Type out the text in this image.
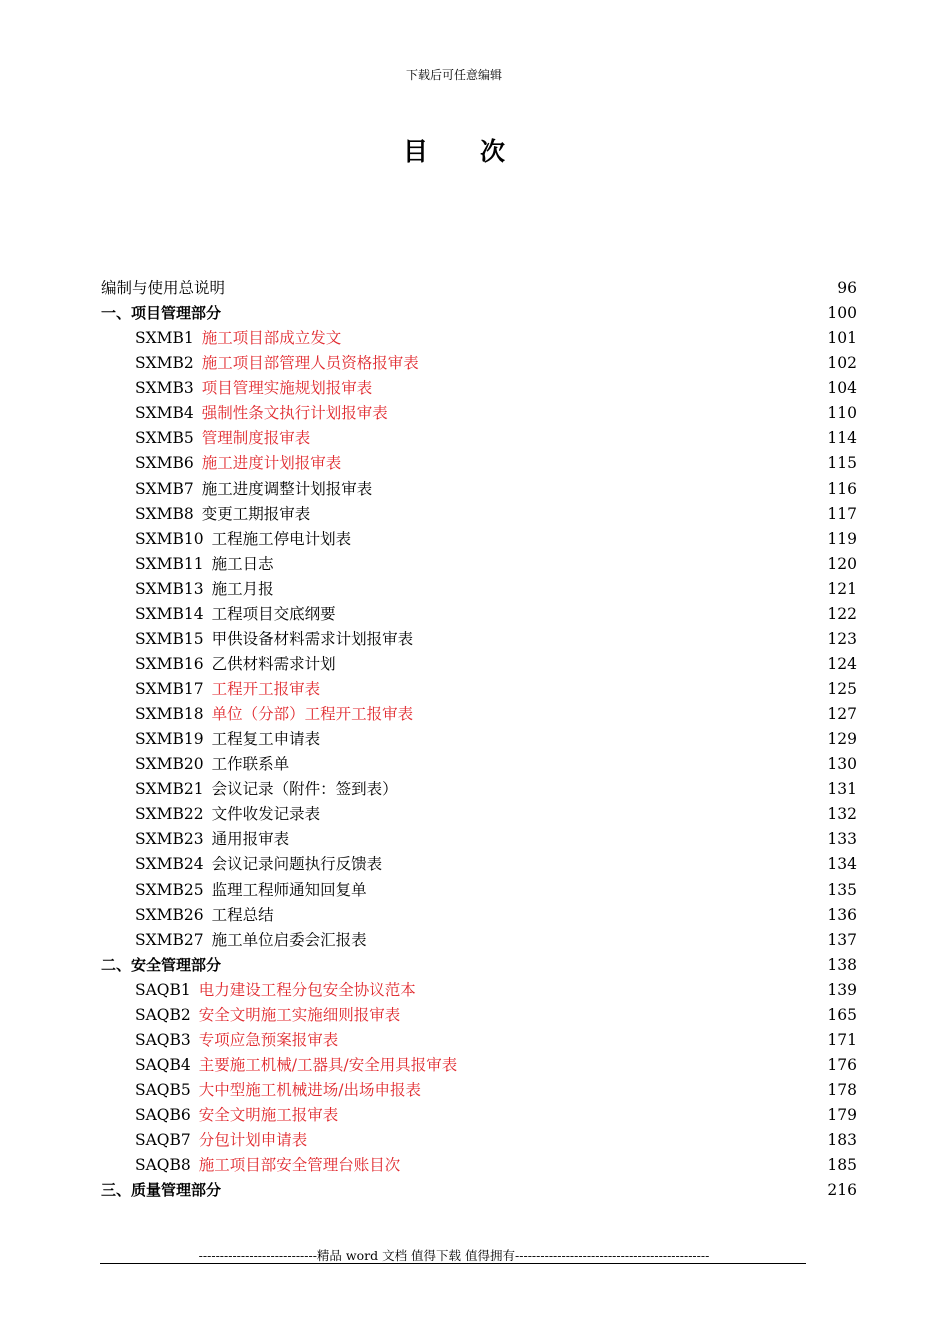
下载后可任意编辑
目次
编制与使用总说明	96
一、项目管理部分	100
SXMB1 施工项目部成立发文	101
SXMB2 施工项目部管理人员资格报审表	102
SXMB3 项目管理实施规划报审表	104
SXMB4 强制性条文执行计划报审表	110
SXMB5 管理制度报审表	114
SXMB6 施工进度计划报审表	115
SXMB7 施工进度调整计划报审表	116
SXMB8 变更工期报审表	117
SXMB10 工程施工停电计划表	119
SXMB11 施工日志	120
SXMB13 施工月报	121
SXMB14 工程项目交底纲要	122
SXMB15 甲供设备材料需求计划报审表	123
SXMB16 乙供材料需求计划	124
SXMB17 工程开工报审表	125
SXMB18 单位（分部）工程开工报审表	127
SXMB19 工程复工申请表	129
SXMB20 工作联系单	130
SXMB21 会议记录（附件：签到表）	131
SXMB22 文件收发记录表	132
SXMB23 通用报审表	133
SXMB24 会议记录问题执行反馈表	134
SXMB25 监理工程师通知回复单	135
SXMB26 工程总结	136
SXMB27 施工单位启委会汇报表	137
二、安全管理部分	138
SAQB1 电力建设工程分包安全协议范本	139
SAQB2 安全文明施工实施细则报审表	165
SAQB3 专项应急预案报审表	171
SAQB4 主要施工机械/工器具/安全用具报审表	176
SAQB5 大中型施工机械进场/出场申报表	178
SAQB6 安全文明施工报审表	179
SAQB7 分包计划申请表	183
SAQB8 施工项目部安全管理台账目次	185
三、质量管理部分	216
----------------------------精品 word 文档 值得下载 值得拥有----------------------------------------------
